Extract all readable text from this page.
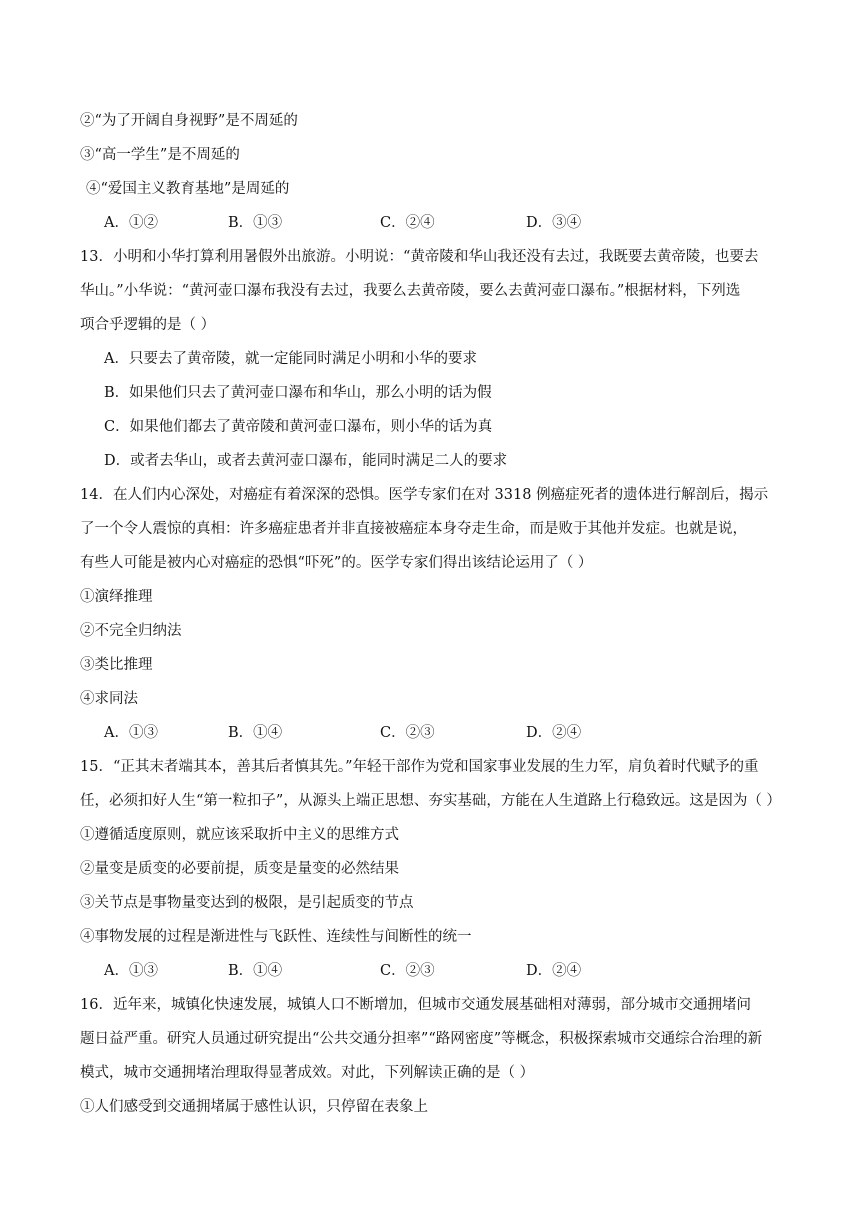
②“为了开阔自身视野”是不周延的
③“高一学生”是不周延的
④“爱国主义教育基地”是周延的
A．①②	B．①③	C．②④	D．③④
13．小明和小华打算利用暑假外出旅游。小明说：“黄帝陵和华山我还没有去过，我既要去黄帝陵，也要去
华山。”小华说：“黄河壶口瀑布我没有去过，我要么去黄帝陵，要么去黄河壶口瀑布。”根据材料，下列选
项合乎逻辑的是（ ）
A．只要去了黄帝陵，就一定能同时满足小明和小华的要求
B．如果他们只去了黄河壶口瀑布和华山，那么小明的话为假
C．如果他们都去了黄帝陵和黄河壶口瀑布，则小华的话为真
D．或者去华山，或者去黄河壶口瀑布，能同时满足二人的要求
14．在人们内心深处，对癌症有着深深的恐惧。医学专家们在对 3318 例癌症死者的遗体进行解剖后，揭示
了一个令人震惊的真相：许多癌症患者并非直接被癌症本身夺走生命，而是败于其他并发症。也就是说，
有些人可能是被内心对癌症的恐惧“吓死”的。医学专家们得出该结论运用了（ ）
①演绎推理
②不完全归纳法
③类比推理
④求同法
A．①③	B．①④	C．②③	D．②④
15．“正其末者端其本，善其后者慎其先。”年轻干部作为党和国家事业发展的生力军，肩负着时代赋予的重
任，必须扣好人生“第一粒扣子”，从源头上端正思想、夯实基础，方能在人生道路上行稳致远。这是因为（ ）
①遵循适度原则，就应该采取折中主义的思维方式
②量变是质变的必要前提，质变是量变的必然结果
③关节点是事物量变达到的极限，是引起质变的节点
④事物发展的过程是渐进性与飞跃性、连续性与间断性的统一
A．①③	B．①④	C．②③	D．②④
16．近年来，城镇化快速发展，城镇人口不断增加，但城市交通发展基础相对薄弱，部分城市交通拥堵问
题日益严重。研究人员通过研究提出“公共交通分担率”“路网密度”等概念，积极探索城市交通综合治理的新
模式，城市交通拥堵治理取得显著成效。对此，下列解读正确的是（ ）
①人们感受到交通拥堵属于感性认识，只停留在表象上
